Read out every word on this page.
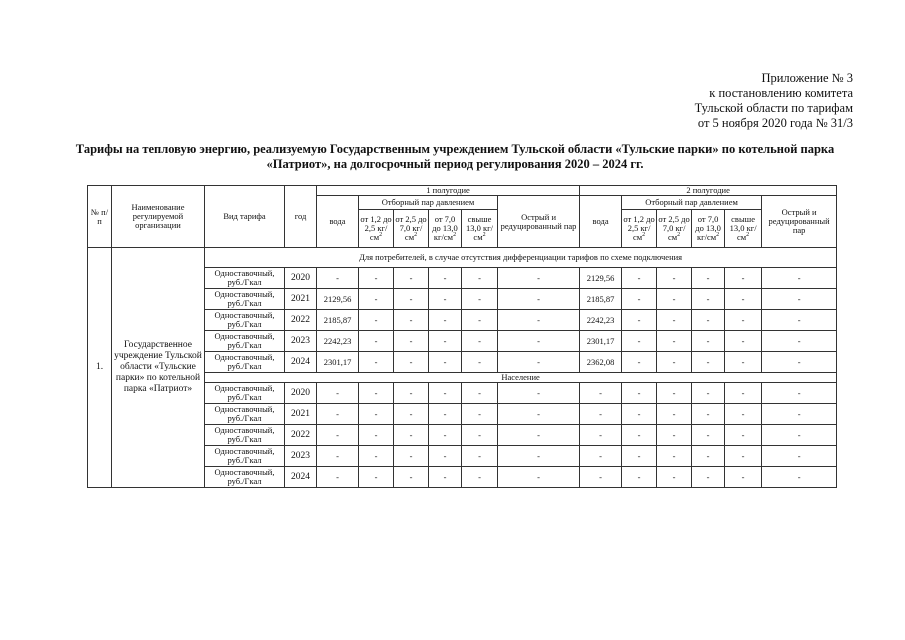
Приложение № 3
к постановлению комитета
Тульской области по тарифам
от 5 ноября 2020 года № 31/3
Тарифы на тепловую энергию, реализуемую Государственным учреждением Тульской области «Тульские парки» по котельной парка «Патриот», на долгосрочный период регулирования 2020 – 2024 гг.
№ п/п	Наименование регулируемой организации	Вид тарифа	год	1 полугодие						2 полугодие					
				вода	Отборный пар давлением				Острый и редуцированный пар	вода	Отборный пар давлением				Острый и редуцированный пар
					от 1,2 до 2,5 $кг/см^2$	от 2,5 до 7,0 $кг/см^2$	от 7,0 до 13,0 $кг/см^2$	свыше 13,0 $кг/см^2$			от 1,2 до 2,5 $кг/см^2$	от 2,5 до 7,0 $кг/см^2$	от 7,0 до 13,0 $кг/см^2$	свыше 13,0 $кг/см^2$
1.	Государственное учреждение Тульской области «Тульские парки» по котельной парка «Патриот»	Для потребителей, в случае отсутствия дифференциации тарифов по схеме подключения													
		Одноставочный, руб./Гкал	2020	-	-	-	-	-	-	2129,56	-	-	-	-	-
		Одноставочный, руб./Гкал	2021	2129,56	-	-	-	-	-	2185,87	-	-	-	-	-
		Одноставочный, руб./Гкал	2022	2185,87	-	-	-	-	-	2242,23	-	-	-	-	-
		Одноставочный, руб./Гкал	2023	2242,23	-	-	-	-	-	2301,17	-	-	-	-	-
		Одноставочный, руб./Гкал	2024	2301,17	-	-	-	-	-	2362,08	-	-	-	-	-
		Население													
		Одноставочный, руб./Гкал	2020	-	-	-	-	-	-	-	-	-	-	-	-
		Одноставочный, руб./Гкал	2021	-	-	-	-	-	-	-	-	-	-	-	-
		Одноставочный, руб./Гкал	2022	-	-	-	-	-	-	-	-	-	-	-	-
		Одноставочный, руб./Гкал	2023	-	-	-	-	-	-	-	-	-	-	-	-
		Одноставочный, руб./Гкал	2024	-	-	-	-	-	-	-	-	-	-	-	-
